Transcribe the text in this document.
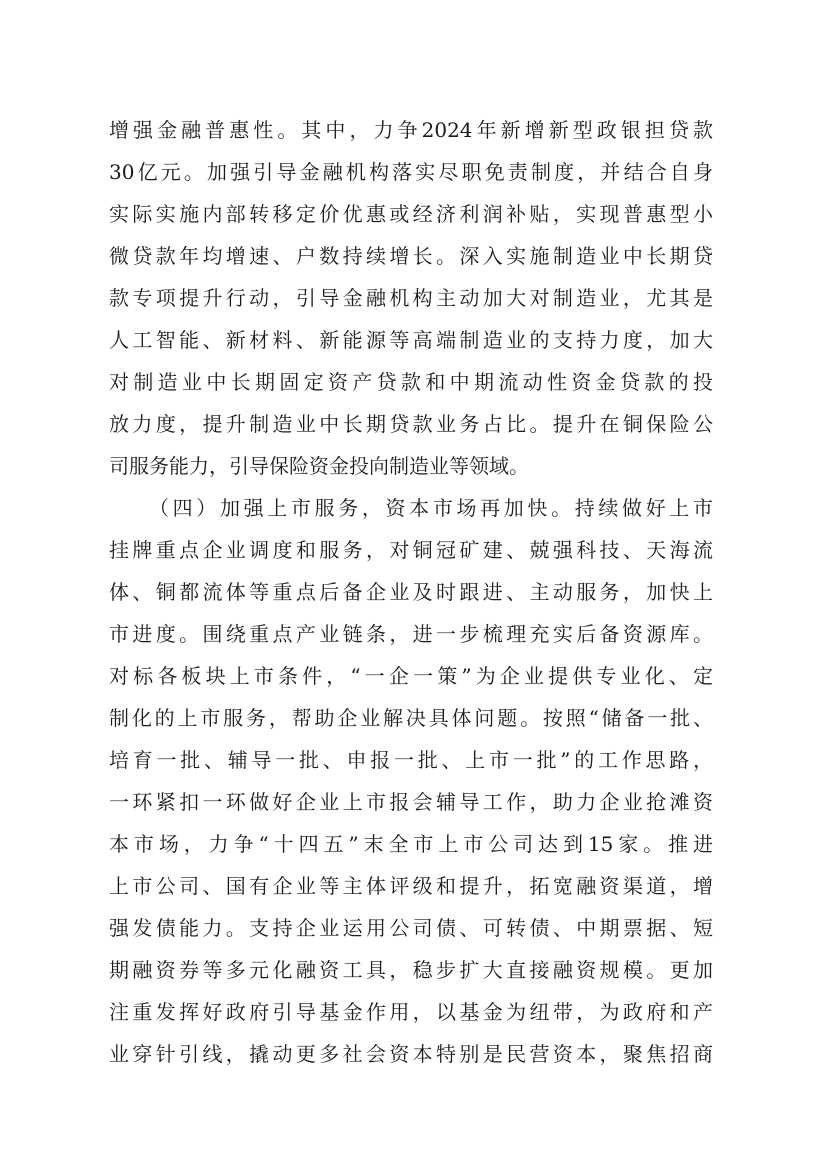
增强金融普惠性。其中，力争2024年新增新型政银担贷款
30亿元。加强引导金融机构落实尽职免责制度，并结合自身
实际实施内部转移定价优惠或经济利润补贴，实现普惠型小
微贷款年均增速、户数持续增长。深入实施制造业中长期贷
款专项提升行动，引导金融机构主动加大对制造业，尤其是
人工智能、新材料、新能源等高端制造业的支持力度，加大
对制造业中长期固定资产贷款和中期流动性资金贷款的投
放力度，提升制造业中长期贷款业务占比。提升在铜保险公
司服务能力，引导保险资金投向制造业等领域。
（四）加强上市服务，资本市场再加快。持续做好上市
挂牌重点企业调度和服务，对铜冠矿建、兢强科技、天海流
体、铜都流体等重点后备企业及时跟进、主动服务，加快上
市进度。围绕重点产业链条，进一步梳理充实后备资源库。
对标各板块上市条件，“一企一策”为企业提供专业化、定
制化的上市服务，帮助企业解决具体问题。按照“储备一批、
培育一批、辅导一批、申报一批、上市一批”的工作思路，
一环紧扣一环做好企业上市报会辅导工作，助力企业抢滩资
本市场，力争“十四五”末全市上市公司达到15家。推进
上市公司、国有企业等主体评级和提升，拓宽融资渠道，增
强发债能力。支持企业运用公司债、可转债、中期票据、短
期融资券等多元化融资工具，稳步扩大直接融资规模。更加
注重发挥好政府引导基金作用，以基金为纽带，为政府和产
业穿针引线，撬动更多社会资本特别是民营资本，聚焦招商
